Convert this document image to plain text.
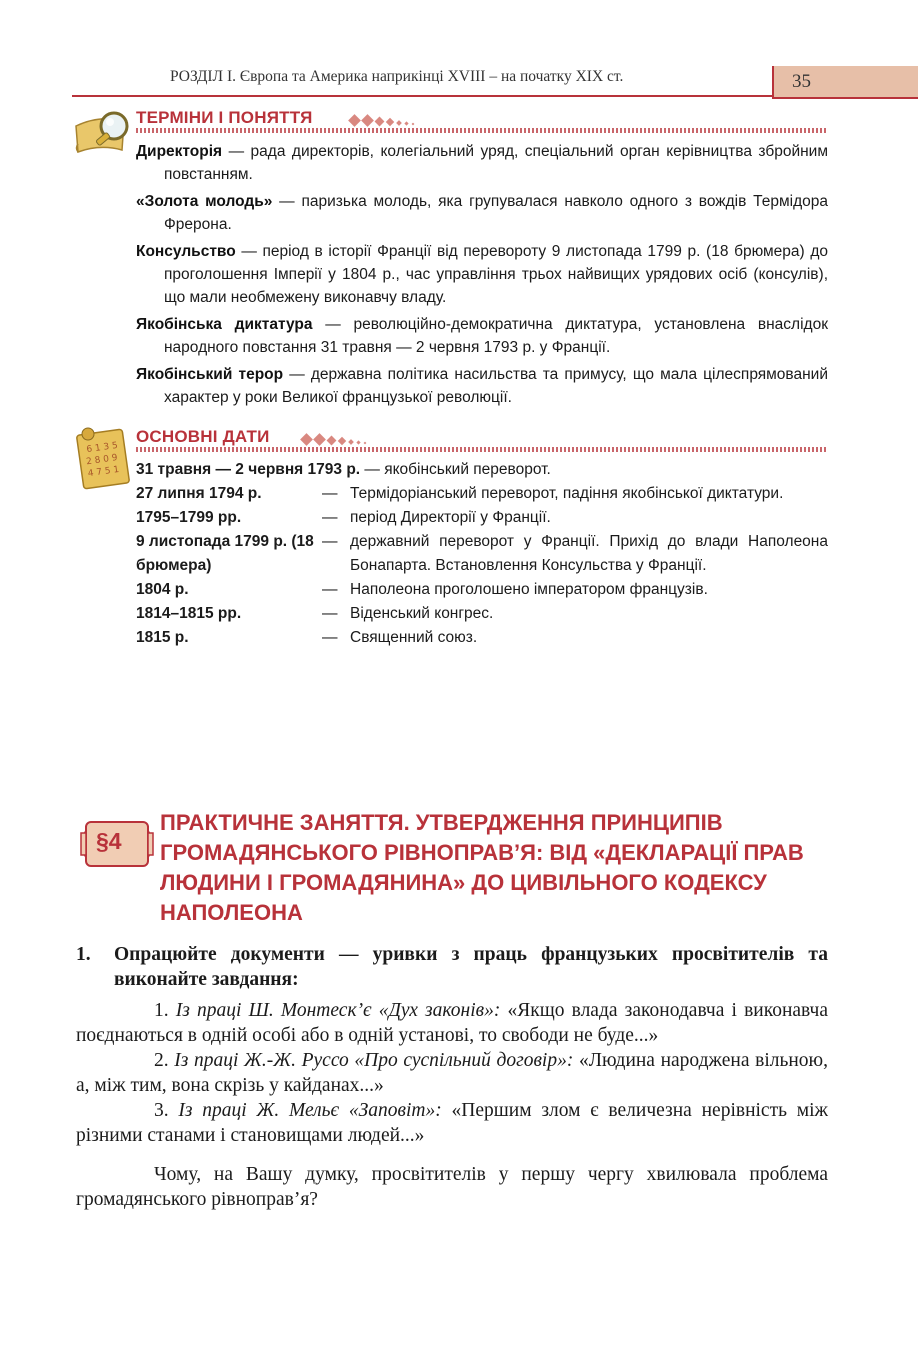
РОЗДІЛ І. Європа та Америка наприкінці XVIII – на початку XIX ст.	35
ТЕРМІНИ І ПОНЯТТЯ
Директорія — рада директорів, колегіальний уряд, спеціальний орган керівництва збройним повстанням.
«Золота молодь» — паризька молодь, яка групувалася навколо одного з вождів Термідора Фрерона.
Консульство — період в історії Франції від перевороту 9 листопада 1799 р. (18 брюмера) до проголошення Імперії у 1804 р., час управління трьох найвищих урядових осіб (консулів), що мали необмежену виконавчу владу.
Якобінська диктатура — революційно-демократична диктатура, установлена внаслідок народного повстання 31 травня — 2 червня 1793 р. у Франції.
Якобінський терор — державна політика насильства та примусу, що мала цілеспрямований характер у роки Великої французької революції.
6 1 3 5
2 8 0 9
4 7 5 1
ОСНОВНІ ДАТИ
31 травня — 2 червня 1793 р. — якобінський переворот.
27 липня 1794 р.	— Термідоріанський переворот, падіння якобінської диктатури.
1795–1799 рр.	— період Директорії у Франції.
9 листопада 1799 р. (18 брюмера)
— державний переворот у Франції. Прихід до влади Наполеона Бонапарта. Встановлення Консульства у Франції.
1804 р.	— Наполеона проголошено імператором французів.
1814–1815 рр.	— Віденський конгрес.
1815 р.	— Священний союз.
§4
ПРАКТИЧНЕ ЗАНЯТТЯ. УТВЕРДЖЕННЯ ПРИНЦИПІВ ГРОМАДЯНСЬКОГО РІВНОПРАВ’Я: ВІД «ДЕКЛАРАЦІЇ ПРАВ ЛЮДИНИ І ГРОМАДЯНИНА» ДО ЦИВІЛЬНОГО КОДЕКСУ НАПОЛЕОНА
1. Опрацюйте документи — уривки з праць французьких просвітителів та виконайте завдання:

1. Із праці Ш. Монтеск’є «Дух законів»: «Якщо влада законодавча і виконавча поєднаються в одній особі або в одній установі, то свободи не буде...»

2. Із праці Ж.-Ж. Руссо «Про суспільний договір»: «Людина народжена вільною, а, між тим, вона скрізь у кайданах...»

3. Із праці Ж. Мельє «Заповіт»: «Першим злом є величезна нерівність між різними станами і становищами людей...»

Чому, на Вашу думку, просвітителів у першу чергу хвилювала проблема громадянського рівноправ’я?
